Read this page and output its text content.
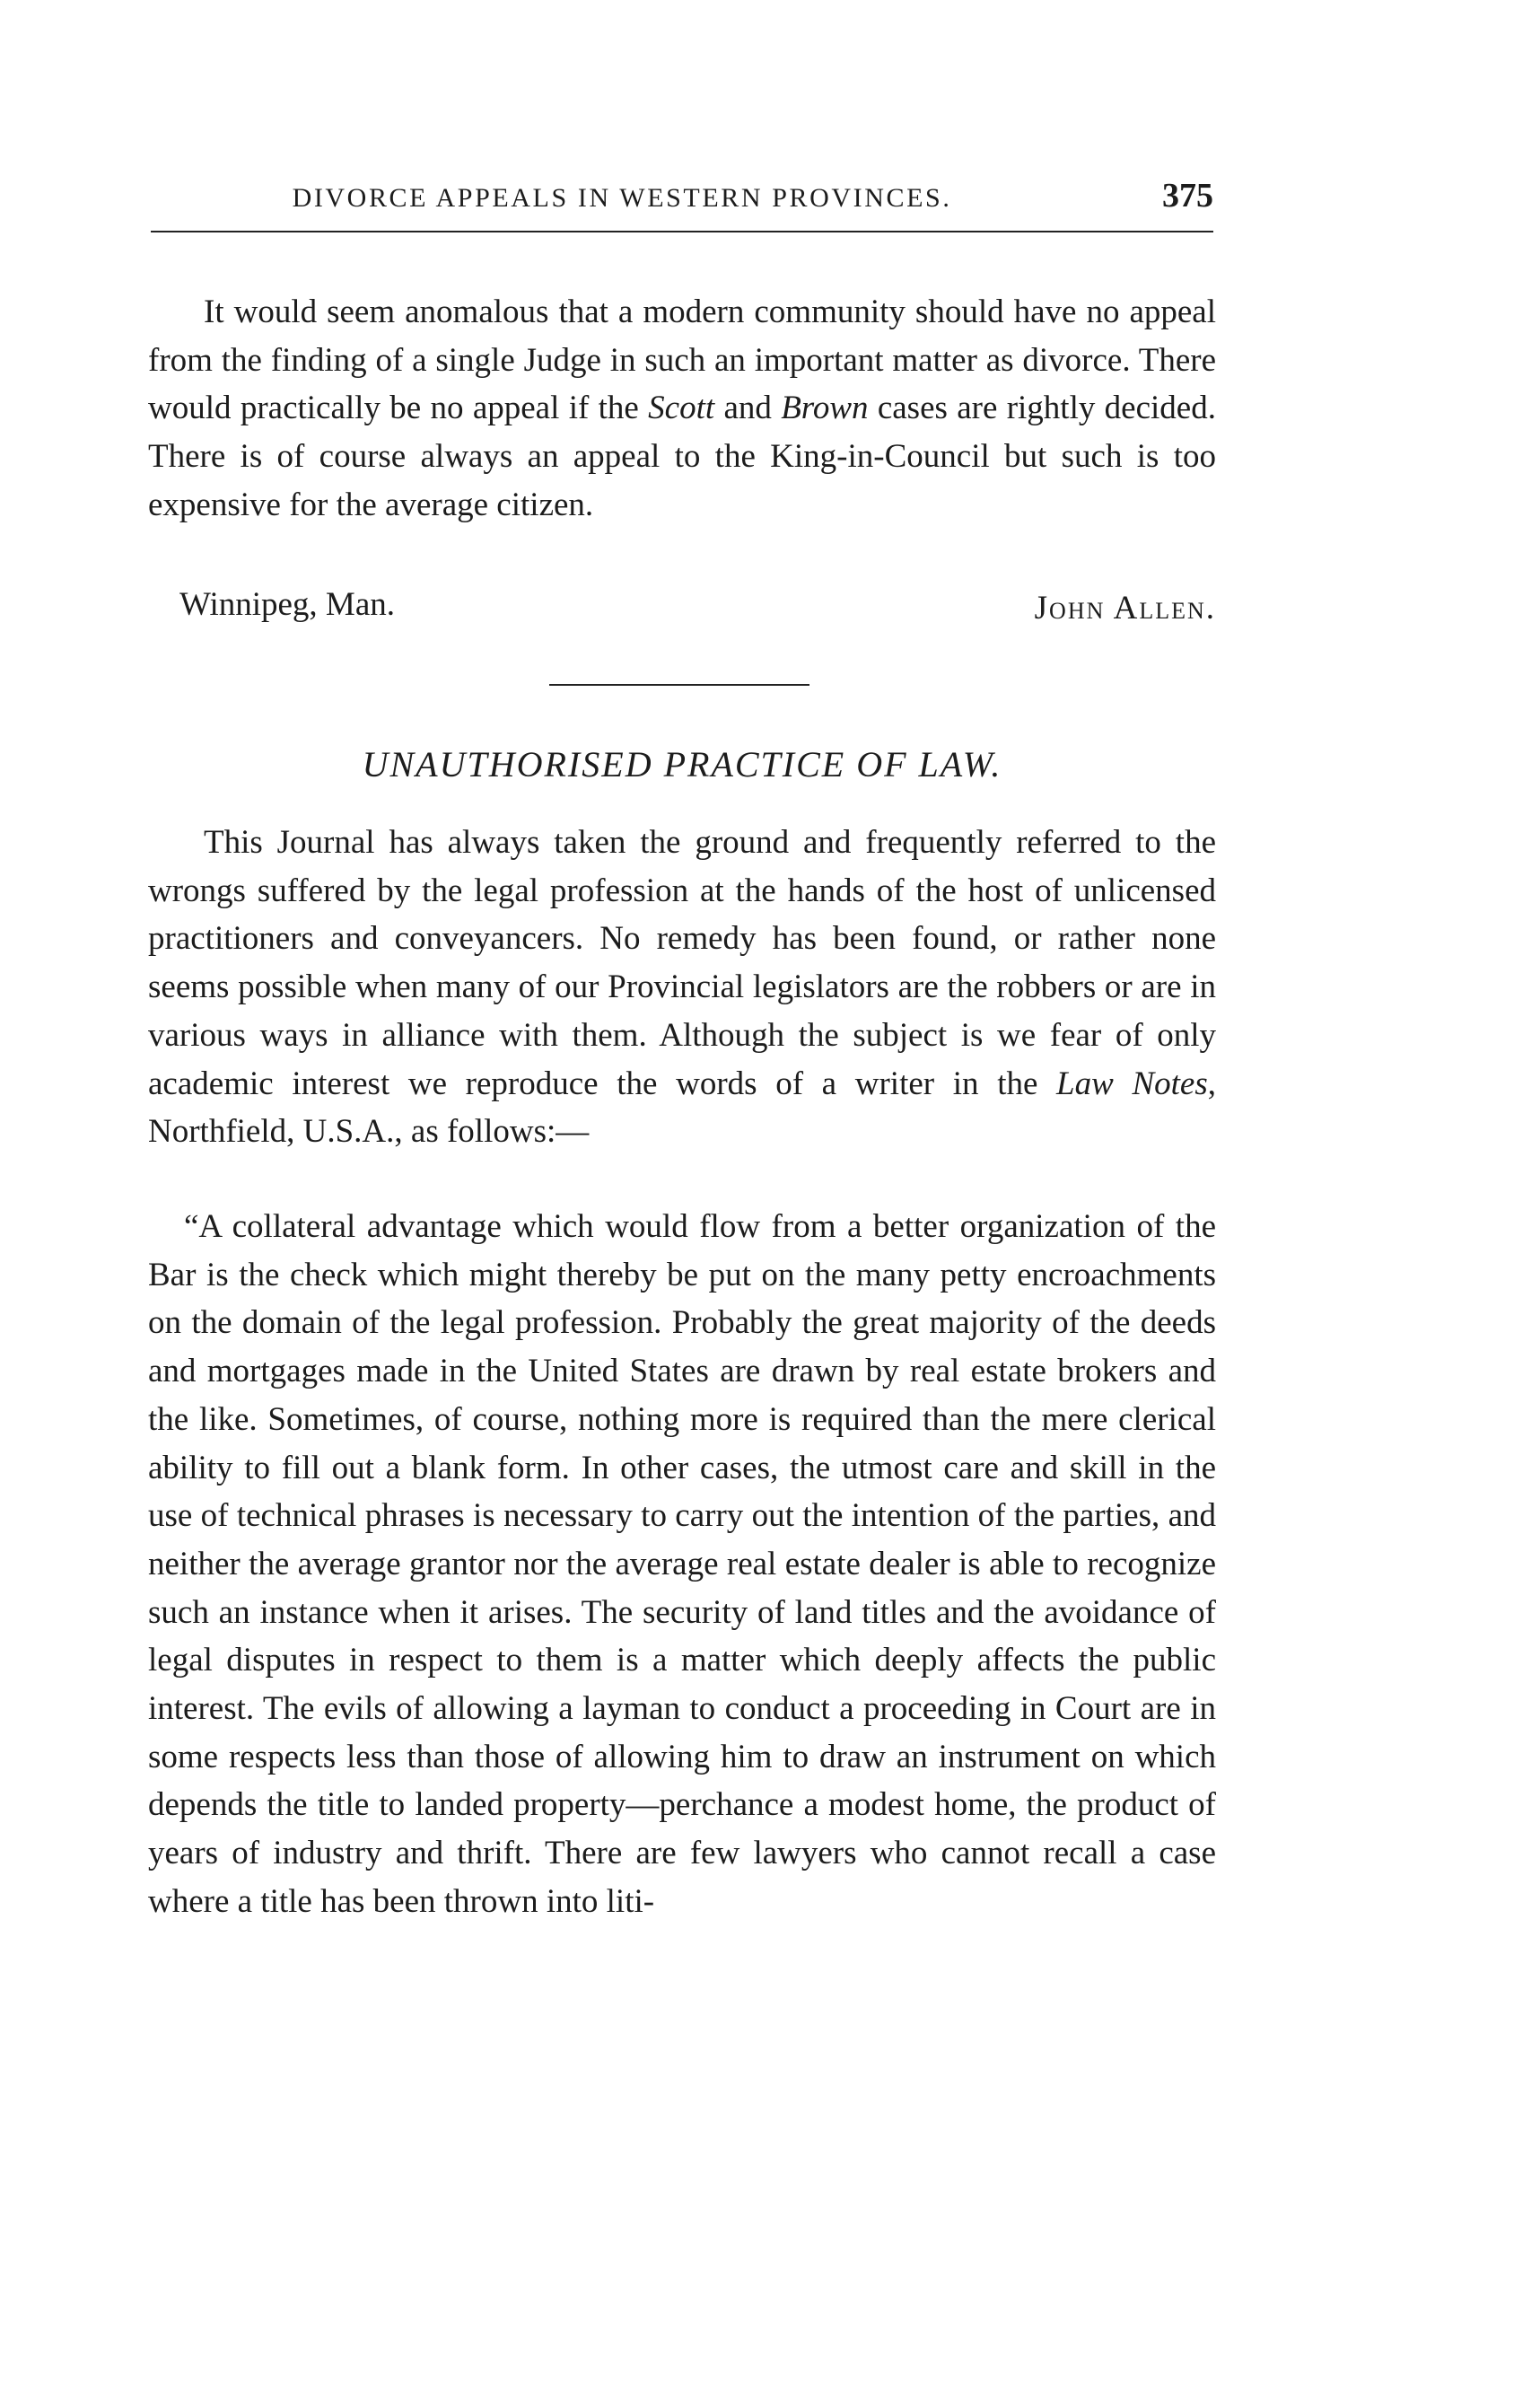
DIVORCE APPEALS IN WESTERN PROVINCES.	375

It would seem anomalous that a modern community should have no appeal from the finding of a single Judge in such an important matter as divorce. There would practically be no appeal if the Scott and Brown cases are rightly decided. There is of course always an appeal to the King-in-Council but such is too expensive for the average citizen.

Winnipeg, Man.	John Allen.
UNAUTHORISED PRACTICE OF LAW.

This Journal has always taken the ground and frequently referred to the wrongs suffered by the legal profession at the hands of the host of unlicensed practitioners and conveyancers. No remedy has been found, or rather none seems possible when many of our Provincial legislators are the robbers or are in various ways in alliance with them. Although the subject is we fear of only academic interest we reproduce the words of a writer in the Law Notes, Northfield, U.S.A., as follows:—

“A collateral advantage which would flow from a better organization of the Bar is the check which might thereby be put on the many petty encroachments on the domain of the legal profession. Probably the great majority of the deeds and mortgages made in the United States are drawn by real estate brokers and the like. Sometimes, of course, nothing more is required than the mere clerical ability to fill out a blank form. In other cases, the utmost care and skill in the use of technical phrases is necessary to carry out the intention of the parties, and neither the average grantor nor the average real estate dealer is able to recognize such an instance when it arises. The security of land titles and the avoidance of legal disputes in respect to them is a matter which deeply affects the public interest. The evils of allowing a layman to conduct a proceeding in Court are in some respects less than those of allowing him to draw an instrument on which depends the title to landed property—perchance a modest home, the product of years of industry and thrift. There are few lawyers who cannot recall a case where a title has been thrown into liti-
